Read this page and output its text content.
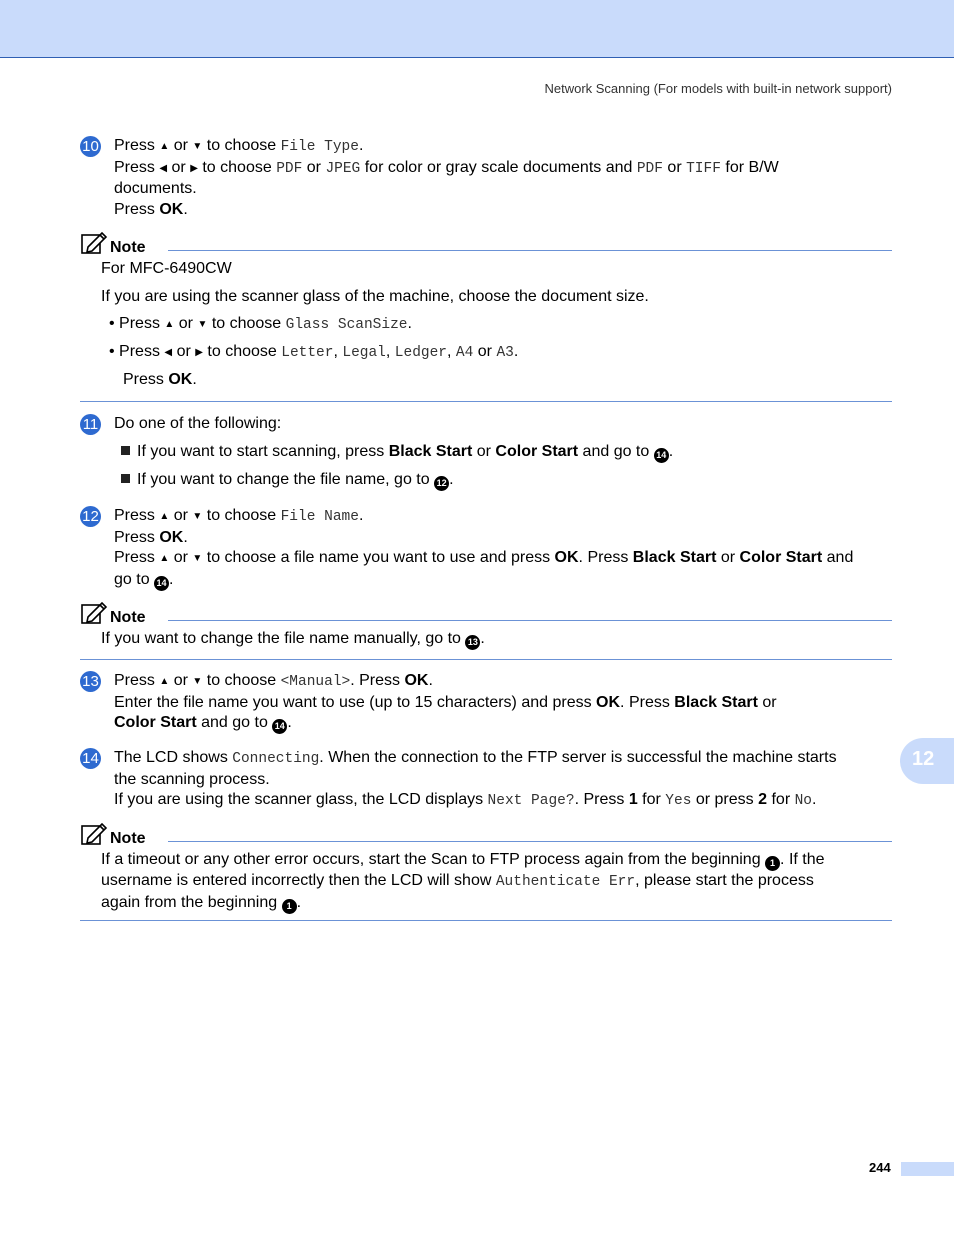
Network Scanning (For models with built-in network support)
10 Press ▲ or ▼ to choose File Type.
Press ◀ or ▶ to choose PDF or JPEG for color or gray scale documents and PDF or TIFF for B/W
documents.
Press OK.
Note
For MFC-6490CW
If you are using the scanner glass of the machine, choose the document size.
• Press ▲ or ▼ to choose Glass ScanSize.
• Press ◀ or ▶ to choose Letter, Legal, Ledger, A4 or A3.
Press OK.
11 Do one of the following:
If you want to start scanning, press Black Start or Color Start and go to 14 .
If you want to change the file name, go to 12 .
12 Press ▲ or ▼ to choose File Name.
Press OK.
Press ▲ or ▼ to choose a file name you want to use and press OK. Press Black Start or Color Start and
go to 14 .
Note
If you want to change the file name manually, go to 13 .
13 Press ▲ or ▼ to choose <Manual>. Press OK.
Enter the file name you want to use (up to 15 characters) and press OK. Press Black Start or
Color Start and go to 14 .
14 The LCD shows Connecting. When the connection to the FTP server is successful the machine starts
the scanning process.
If you are using the scanner glass, the LCD displays Next Page?. Press 1 for Yes or press 2 for No.
Note
If a timeout or any other error occurs, start the Scan to FTP process again from the beginning 1 . If the
username is entered incorrectly then the LCD will show Authenticate Err, please start the process
again from the beginning 1 .
12
244
